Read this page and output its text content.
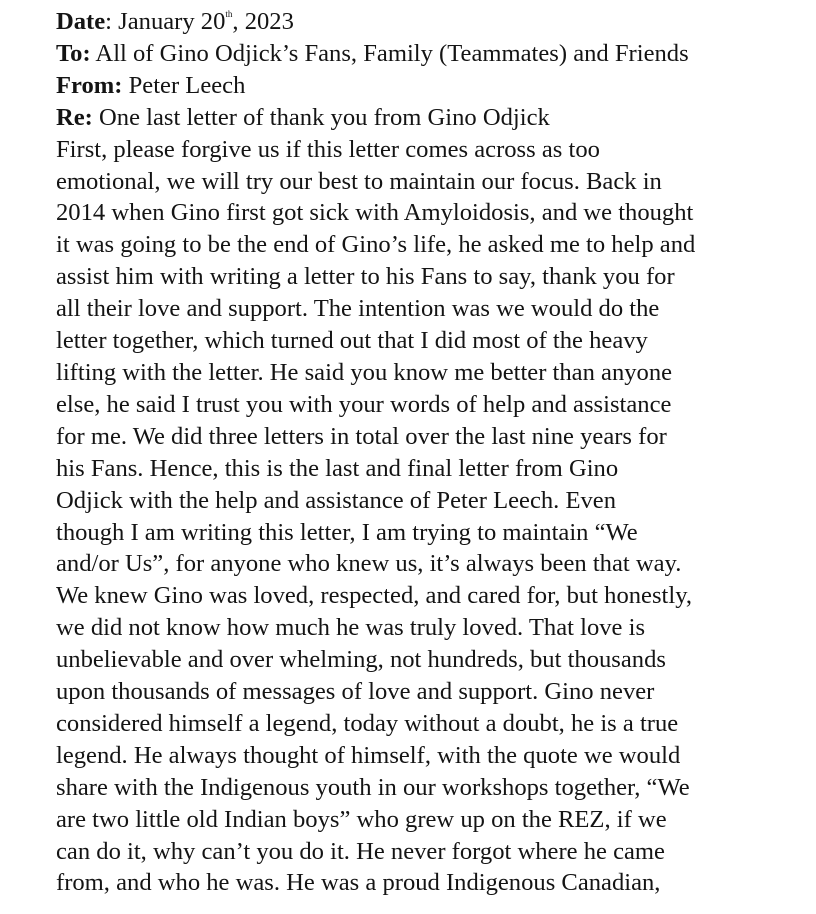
Date: January 20th, 2023
To: All of Gino Odjick’s Fans, Family (Teammates) and Friends
From: Peter Leech
Re: One last letter of thank you from Gino Odjick
First, please forgive us if this letter comes across as too
emotional, we will try our best to maintain our focus. Back in
2014 when Gino first got sick with Amyloidosis, and we thought
it was going to be the end of Gino’s life, he asked me to help and
assist him with writing a letter to his Fans to say, thank you for
all their love and support. The intention was we would do the
letter together, which turned out that I did most of the heavy
lifting with the letter. He said you know me better than anyone
else, he said I trust you with your words of help and assistance
for me. We did three letters in total over the last nine years for
his Fans. Hence, this is the last and final letter from Gino
Odjick with the help and assistance of Peter Leech. Even
though I am writing this letter, I am trying to maintain “We
and/or Us”, for anyone who knew us, it’s always been that way.
We knew Gino was loved, respected, and cared for, but honestly,
we did not know how much he was truly loved. That love is
unbelievable and over whelming, not hundreds, but thousands
upon thousands of messages of love and support. Gino never
considered himself a legend, today without a doubt, he is a true
legend. He always thought of himself, with the quote we would
share with the Indigenous youth in our workshops together, “We
are two little old Indian boys” who grew up on the REZ, if we
can do it, why can’t you do it. He never forgot where he came
from, and who he was. He was a proud Indigenous Canadian,
